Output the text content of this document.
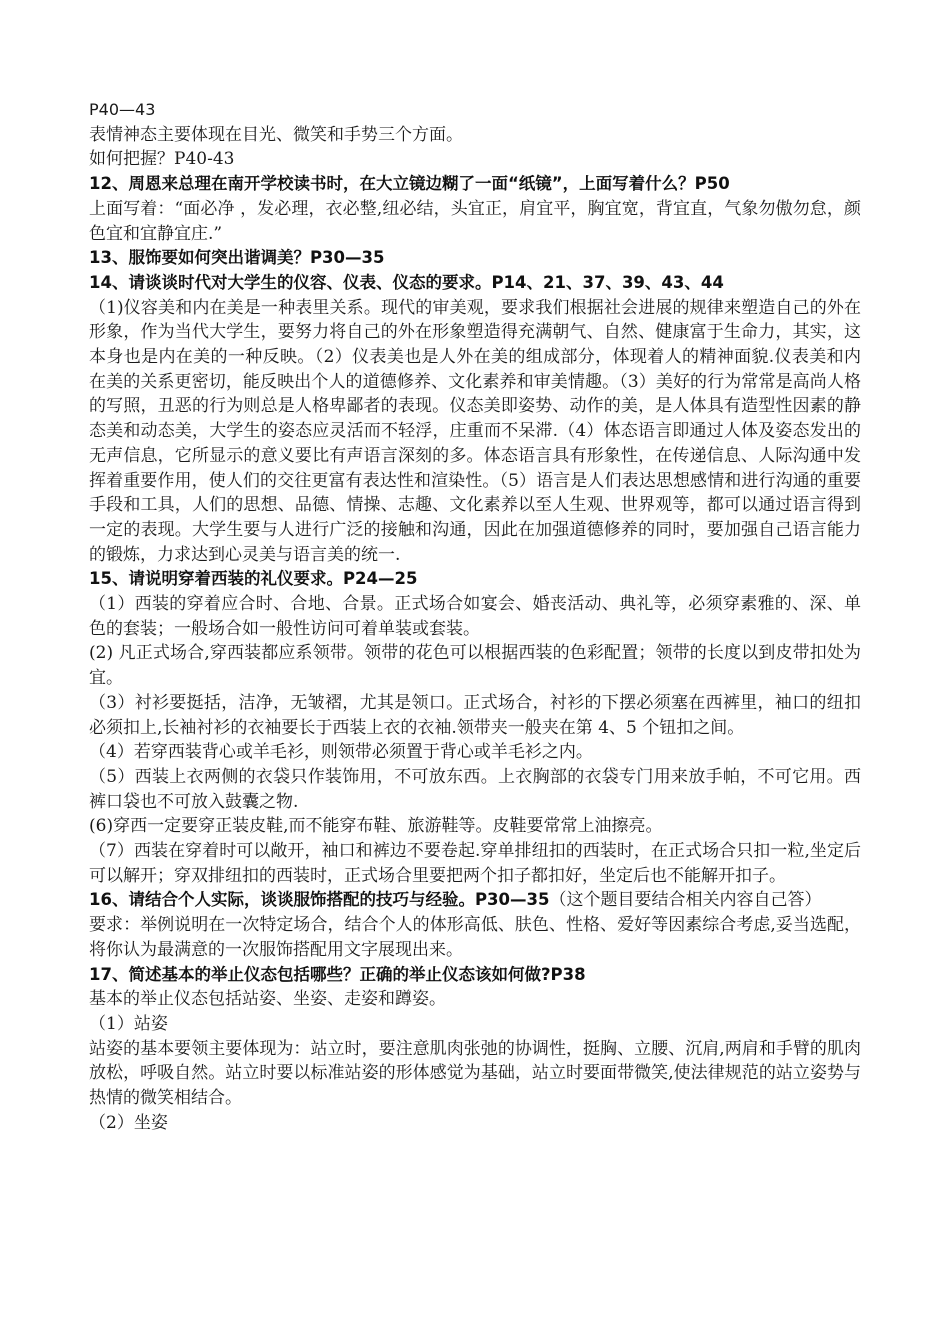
P40—43
表情神态主要体现在目光、微笑和手势三个方面。
如何把握？P40-43
12、周恩来总理在南开学校读书时，在大立镜边糊了一面“纸镜”，上面写着什么？P50
上面写着：“面必净 ，发必理，衣必整,纽必结，头宜正，肩宜平，胸宜宽，背宜直，气象勿傲勿怠，颜色宜和宜静宜庄.”
13、服饰要如何突出谐调美？P30—35
14、请谈谈时代对大学生的仪容、仪表、仪态的要求。P14、21、37、39、43、44
（1)仪容美和内在美是一种表里关系。现代的审美观，要求我们根据社会进展的规律来塑造自己的外在形象，作为当代大学生，要努力将自己的外在形象塑造得充满朝气、自然、健康富于生命力，其实，这本身也是内在美的一种反映。（2）仪表美也是人外在美的组成部分，体现着人的精神面貌.仪表美和内在美的关系更密切，能反映出个人的道德修养、文化素养和审美情趣。（3）美好的行为常常是高尚人格的写照，丑恶的行为则总是人格卑鄙者的表现。仪态美即姿势、动作的美，是人体具有造型性因素的静态美和动态美，大学生的姿态应灵活而不轻浮，庄重而不呆滞.（4）体态语言即通过人体及姿态发出的无声信息，它所显示的意义要比有声语言深刻的多。体态语言具有形象性，在传递信息、人际沟通中发挥着重要作用，使人们的交往更富有表达性和渲染性。（5）语言是人们表达思想感情和进行沟通的重要手段和工具，人们的思想、品德、情操、志趣、文化素养以至人生观、世界观等，都可以通过语言得到一定的表现。大学生要与人进行广泛的接触和沟通，因此在加强道德修养的同时，要加强自己语言能力的锻炼，力求达到心灵美与语言美的统一.
15、请说明穿着西装的礼仪要求。P24—25
（1）西装的穿着应合时、合地、合景。正式场合如宴会、婚丧活动、典礼等，必须穿素雅的、深、单色的套装；一般场合如一般性访问可着单装或套装。
(2) 凡正式场合,穿西装都应系领带。领带的花色可以根据西装的色彩配置；领带的长度以到皮带扣处为宜。
（3）衬衫要挺括，洁净，无皱褶，尤其是领口。正式场合，衬衫的下摆必须塞在西裤里，袖口的纽扣必须扣上,长袖衬衫的衣袖要长于西装上衣的衣袖.领带夹一般夹在第 4、5 个钮扣之间。
（4）若穿西装背心或羊毛衫，则领带必须置于背心或羊毛衫之内。
（5）西装上衣两侧的衣袋只作装饰用，不可放东西。上衣胸部的衣袋专门用来放手帕，不可它用。西裤口袋也不可放入鼓囊之物.
(6)穿西一定要穿正装皮鞋,而不能穿布鞋、旅游鞋等。皮鞋要常常上油擦亮。
（7）西装在穿着时可以敞开，袖口和裤边不要卷起.穿单排纽扣的西装时，在正式场合只扣一粒,坐定后可以解开；穿双排纽扣的西装时，正式场合里要把两个扣子都扣好，坐定后也不能解开扣子。
16、请结合个人实际，谈谈服饰搭配的技巧与经验。P30—35（这个题目要结合相关内容自己答）
要求：举例说明在一次特定场合，结合个人的体形高低、肤色、性格、爱好等因素综合考虑,妥当选配，将你认为最满意的一次服饰搭配用文字展现出来。
17、简述基本的举止仪态包括哪些？正确的举止仪态该如何做?P38
基本的举止仪态包括站姿、坐姿、走姿和蹲姿。
（1）站姿
站姿的基本要领主要体现为：站立时，要注意肌肉张弛的协调性，挺胸、立腰、沉肩,两肩和手臂的肌肉放松，呼吸自然。站立时要以标准站姿的形体感觉为基础，站立时要面带微笑,使法律规范的站立姿势与热情的微笑相结合。
（2）坐姿
